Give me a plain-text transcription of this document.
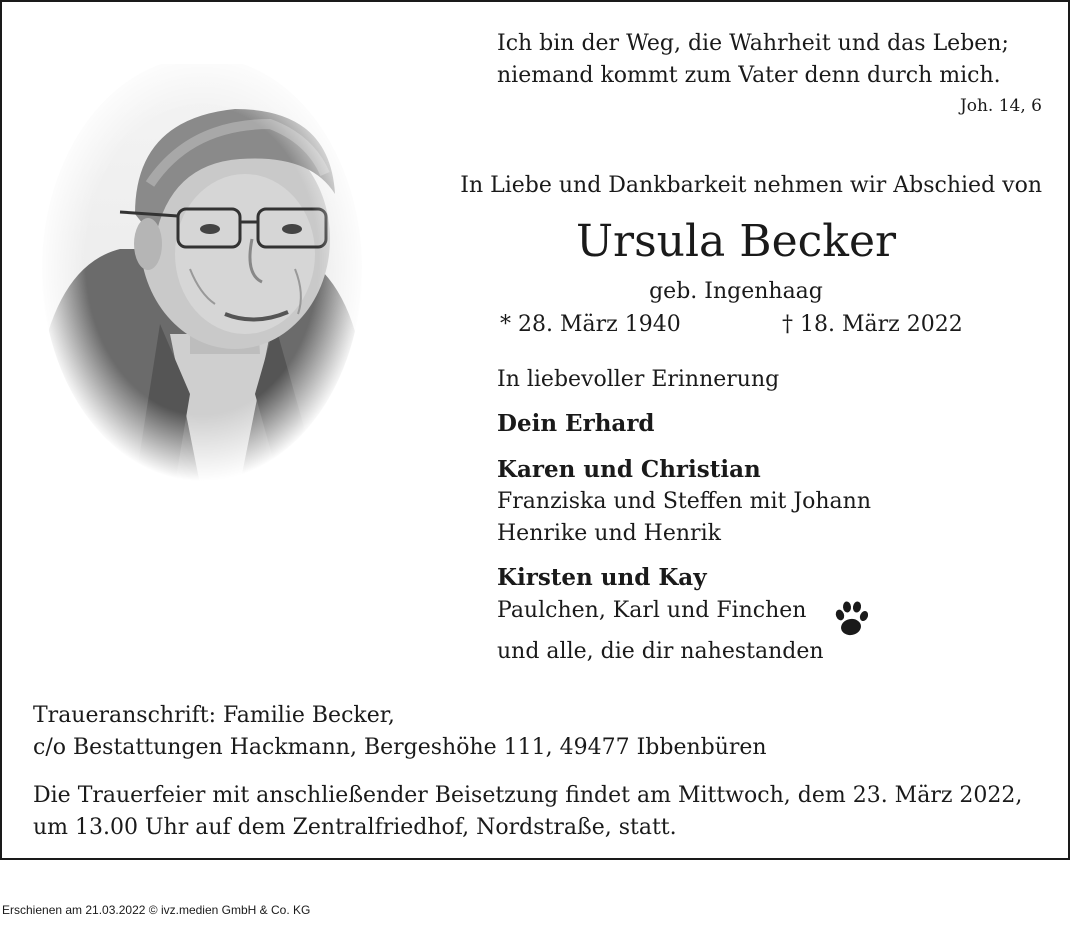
Ich bin der Weg, die Wahrheit und das Leben;
niemand kommt zum Vater denn durch mich.
Joh. 14, 6
In Liebe und Dankbarkeit nehmen wir Abschied von
Ursula Becker
geb. Ingenhaag
* 28. März 1940	† 18. März 2022
In liebevoller Erinnerung
Dein Erhard
Karen und Christian
Franziska und Steffen mit Johann
Henrike und Henrik
Kirsten und Kay
Paulchen, Karl und Finchen
und alle, die dir nahestanden
Traueranschrift: Familie Becker,
c/o Bestattungen Hackmann, Bergeshöhe 111, 49477 Ibbenbüren
Die Trauerfeier mit anschließender Beisetzung findet am Mittwoch, dem 23. März 2022,
um 13.00 Uhr auf dem Zentralfriedhof, Nordstraße, statt.
Erschienen am 21.03.2022 © ivz.medien GmbH & Co. KG
